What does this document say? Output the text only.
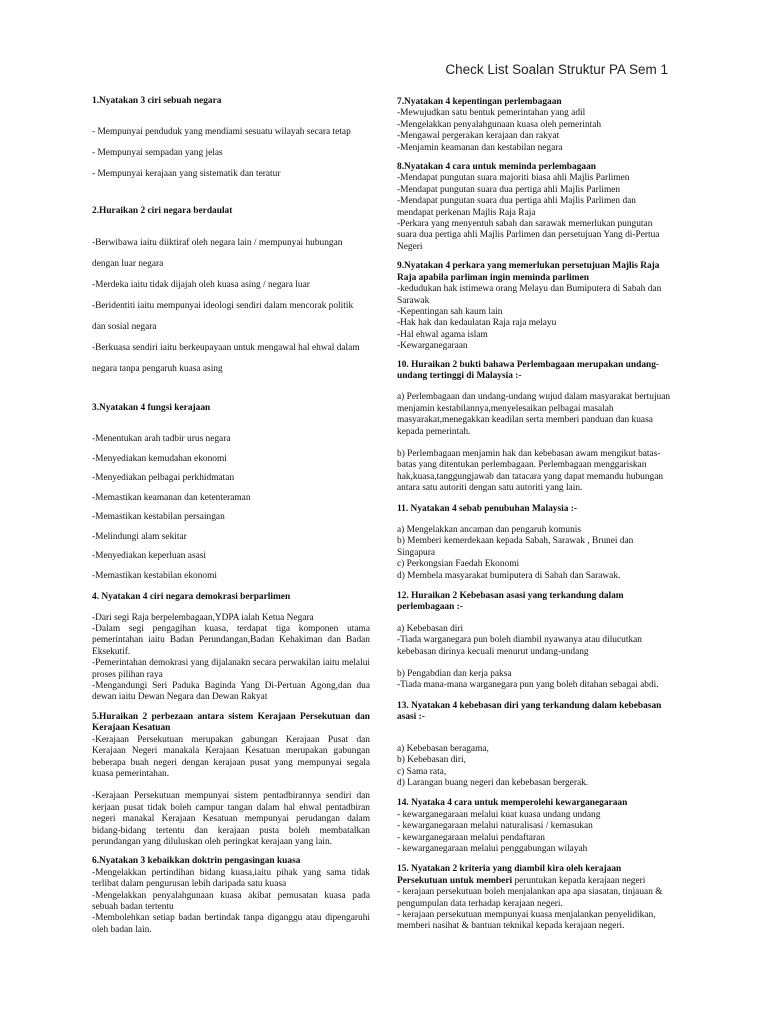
Check List Soalan Struktur PA Sem 1

1.Nyatakan 3 ciri sebuah negara

- Mempunyai penduduk yang mendiami sesuatu wilayah secara tetap

- Mempunyai sempadan yang jelas

- Mempunyai kerajaan yang sistematik dan teratur

2.Huraikan 2 ciri negara berdaulat

-Berwibawa iaitu diiktiraf oleh negara lain / mempunyai hubungan

dengan luar negara

-Merdeka iaitu tidak dijajah oleh kuasa asing / negara luar

-Beridentiti iaitu mempunyai ideologi sendiri dalam mencorak politik

dan sosial negara

-Berkuasa sendiri iaitu berkeupayaan untuk mengawal hal ehwal dalam

negara tanpa pengaruh kuasa asing

3.Nyatakan 4 fungsi kerajaan

-Menentukan arah tadbir urus negara

-Menyediakan kemudahan ekonomi

-Menyediakan pelbagai perkhidmatan

-Memastikan keamanan dan ketenteraman

-Memastikan kestabilan persaingan

-Melindungi alam sekitar

-Menyediakan keperluan asasi

-Memastikan kestabilan ekonomi

4. Nyatakan 4 ciri negara demokrasi berparlimen

-Dari segi Raja berpelembagaan,YDPA ialah Ketua Negara

-Dalam segi pengagihan kuasa, terdapat tiga komponen utama pemerintahan iaitu Badan Perundangan,Badan Kehakiman dan Badan Eksekutif.

-Pemerintahan demokrasi yang dijalanakn secara perwakilan iaitu melalui proses pilihan raya

-Mengandungi Seri Paduka Baginda Yang Di-Pertuan Agong,dan dua dewan iaitu Dewan Negara dan Dewan Rakyat

5.Huraikan 2 perbezaan antara sistem Kerajaan Persekutuan dan Kerajaan Kesatuan

-Kerajaan Persekutuan merupakan gabungan Kerajaan Pusat dan Kerajaan Negeri manakala Kerajaan Kesatuan merupakan gabungan beberapa buah negeri dengan kerajaan pusat yang mempunyai segala kuasa pemerintahan.

-Kerajaan Persekutuan mempunyai sistem pentadbirannya sendiri dan kerjaan pusat tidak boleh campur tangan dalam hal ehwal pentadbiran negeri manakal Kerajaan Kesatuan mempunyai perudangan dalam bidang-bidang tertentu dan kerajaan pusta boleh membatalkan perundangan yang diluluskan oleh peringkat kerajaan yang lain.

6.Nyatakan 3 kebaikkan doktrin pengasingan kuasa

-Mengelakkan pertindihan bidang kuasa,iaitu pihak yang sama tidak terlibat dalam pengurusan lebih daripada satu kuasa

-Mengelakkan penyalahgunaan kuasa akibat pemusatan kuasa pada sebuah badan tertentu

-Membolehkan setiap badan bertindak tanpa diganggu atau dipengaruhi oleh badan lain.

7.Nyatakan 4 kepentingan perlembagaan

-Mewujudkan satu bentuk pemerintahan yang adil

-Mengelakkan penyalahgunaan kuasa oleh pemerintah

-Mengawal pergerakan kerajaan dan rakyat

-Menjamin keamanan dan kestabilan negara

8.Nyatakan 4 cara untuk meminda perlembagaan

-Mendapat pungutan suara majoriti biasa ahli Majlis Parlimen

-Mendapat pungutan suara dua pertiga ahli Majlis Parlimen

-Mendapat pungutan suara dua pertiga ahli Majlis Parlimen dan mendapat perkenan Majlis Raja Raja

-Perkara yang menyentuh sabah dan sarawak memerlukan pungutan suara dua pertiga ahli Majlis Parlimen dan persetujuan Yang di-Pertua Negeri

9.Nyatakan 4 perkara yang memerlukan persetujuan Majlis Raja Raja apabila parliman ingin meminda parlimen

-kedudukan hak istimewa orang Melayu dan Bumiputera di Sabah dan Sarawak

-Kepentingan sah kaum lain

-Hak hak dan kedaulatan Raja raja melayu

-Hal ehwal agama islam

-Kewarganegaraan

10. Huraikan 2 bukti bahawa Perlembagaan merupakan undang-undang tertinggi di Malaysia :-

a) Perlembagaan dan undang-undang wujud dalam masyarakat bertujuan menjamin kestabilannya,menyelesaikan pelbagai masalah masyarakat,menegakkan keadilan serta memberi panduan dan kuasa kepada pemerintah.

b) Perlembagaan menjamin hak dan kebebasan awam mengikut batas-batas yang ditentukan perlembagaan. Perlembagaan menggariskan hak,kuasa,tanggungjawab dan tatacara yang dapat memandu hubungan antara satu autoriti dengan satu autoriti yang lain.

11. Nyatakan 4 sebab penubuhan Malaysia :-

a) Mengelakkan ancaman dan pengaruh komunis

b) Memberi kemerdekaan kepada Sabah, Sarawak , Brunei dan Singapura

c) Perkongsian Faedah Ekonomi

d) Membela masyarakat bumiputera di Sabah dan Sarawak.

12. Huraikan 2 Kebebasan asasi yang terkandung dalam perlembagaan :-

a) Kebebasan diri

-Tiada warganegara pun boleh diambil nyawanya atau dilucutkan kebebasan dirinya kecuali menurut undang-undang

b) Pengabdian dan kerja paksa

-Tiada mana-mana warganegara pun yang boleh ditahan sebagai abdi.

13. Nyatakan 4 kebebasan diri yang terkandung dalam kebebasan asasi :-

a) Kebebasan beragama,

b) Kebebasan diri,

c) Sama rata,

d) Larangan buang negeri dan kebebasan bergerak.

14. Nyataka 4 cara untuk memperolehi kewarganegaraan

- kewarganegaraan melalui kuat kuasa undang undang

- kewarganegaraan melalui naturalisasi / kemasukan

- kewarganegaraan melalui pendaftaran

- kewarganegaraan melalui penggabungan wilayah

15. Nyatakan 2 kriteria yang diambil kira oleh kerajaan Persekutuan untuk memberi peruntukan kepada kerajaan negeri

- kerajaan persekutuan boleh menjalankan apa apa siasatan, tinjauan & pengumpulan data terhadap kerajaan negeri.

- kerajaan persekutuan mempunyai kuasa menjalankan penyelidikan, memberi nasihat & bantuan teknikal kepada kerajaan negeri.
